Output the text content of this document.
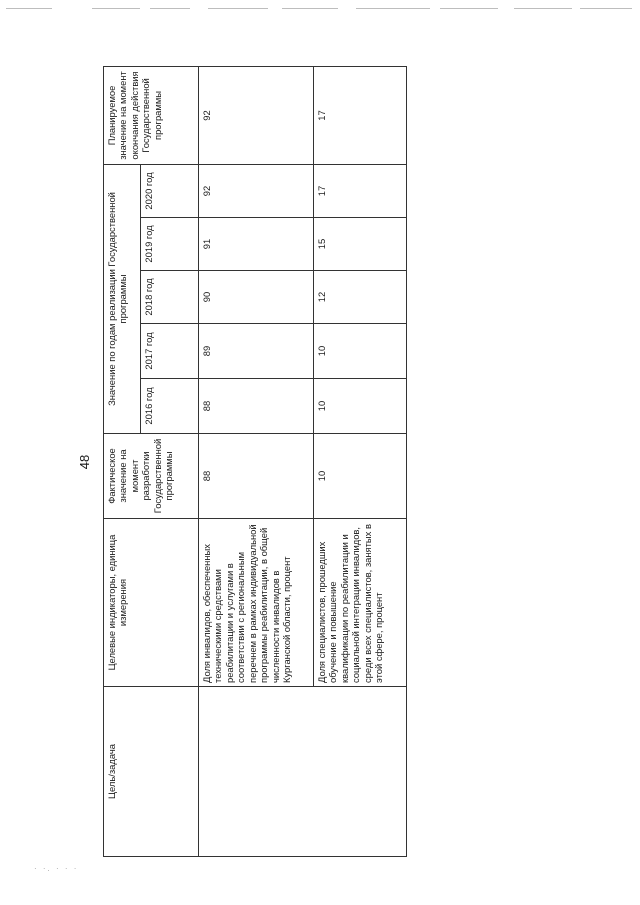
· ·. · · ·
48
Цель/задача	Целевые индикаторы, единица измерения	Фактическое значение на момент разработки Государственной программы	Значение по годам реализации Государственной программы					Планируемое значение на момент окончания действия Государственной программы
			2016 год	2017 год	2018 год	2019 год	2020 год	
	Доля инвалидов, обеспеченных техническими средствами реабилитации и услугами в соответствии с региональным перечнем в рамках индивидуальной программы реабилитации, в общей численности инвалидов в Курганской области, процент	88	88	89	90	91	92	92
	Доля специалистов, прошедших обучение и повышение квалификации по реабилитации и социальной интеграции инвалидов, среди всех специалистов, занятых в этой сфере, процент	10	10	10	12	15	17	17
